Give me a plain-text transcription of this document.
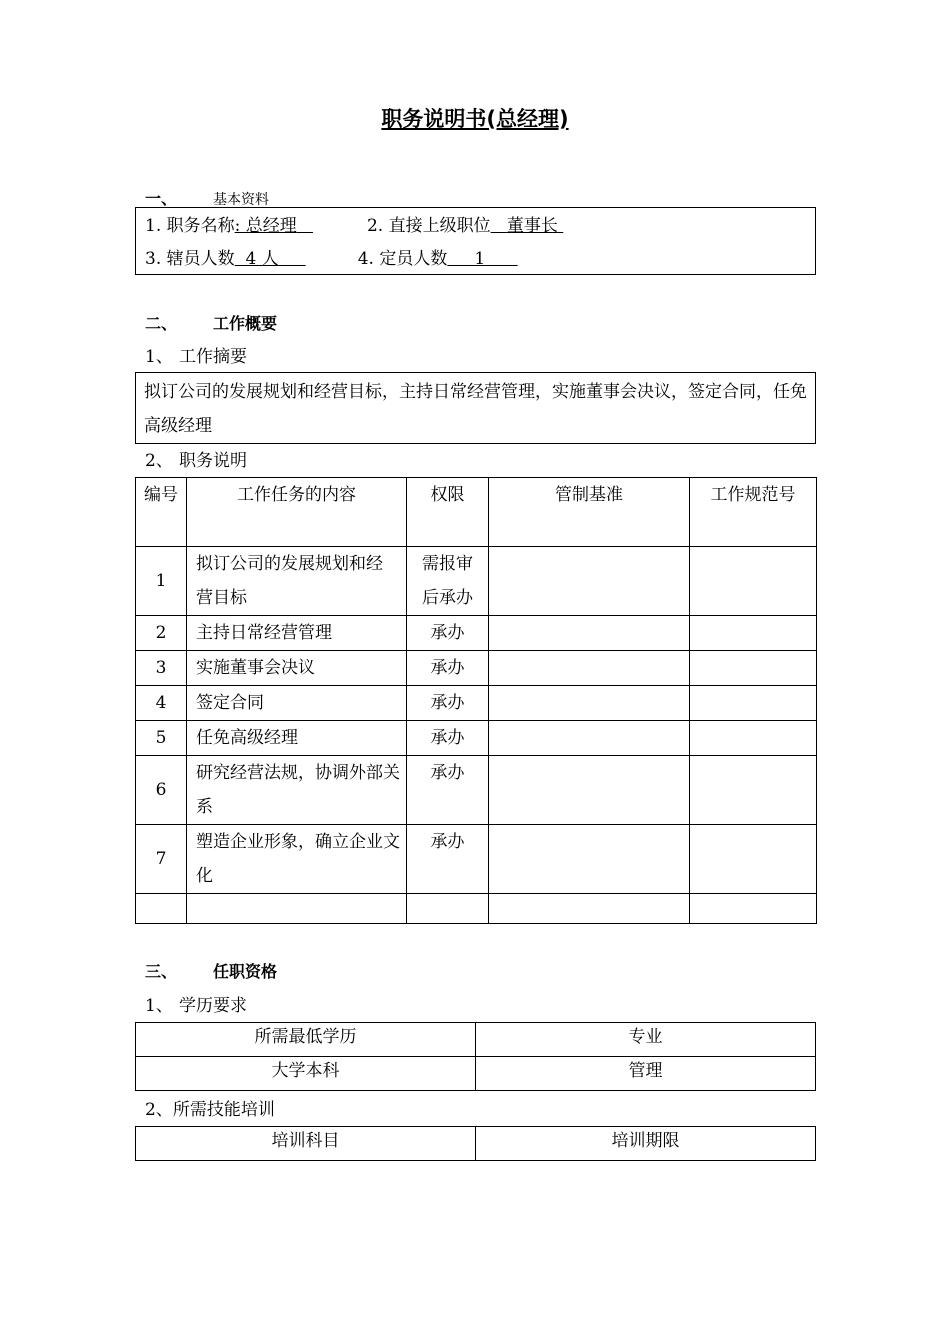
职务说明书(总经理)
一、	基本资料
1. 职务名称: 总经理	2. 直接上级职位 董事长
3. 辖员人数 4 人	4. 定员人数 1
二、 工作概要
1、 工作摘要
拟订公司的发展规划和经营目标，主持日常经营管理，实施董事会决议，签定合同，任免高级经理
2、 职务说明
编号	工作任务的内容	权限	管制基准	工作规范号
1	拟订公司的发展规划和经营目标	需报审后承办		
2	主持日常经营管理	承办		
3	实施董事会决议	承办		
4	签定合同	承办		
5	任免高级经理	承办		
6	研究经营法规，协调外部关系	承办		
7	塑造企业形象，确立企业文化	承办		

三、 任职资格
1、 学历要求
所需最低学历	专业
大学本科	管理
2、所需技能培训
培训科目	培训期限
